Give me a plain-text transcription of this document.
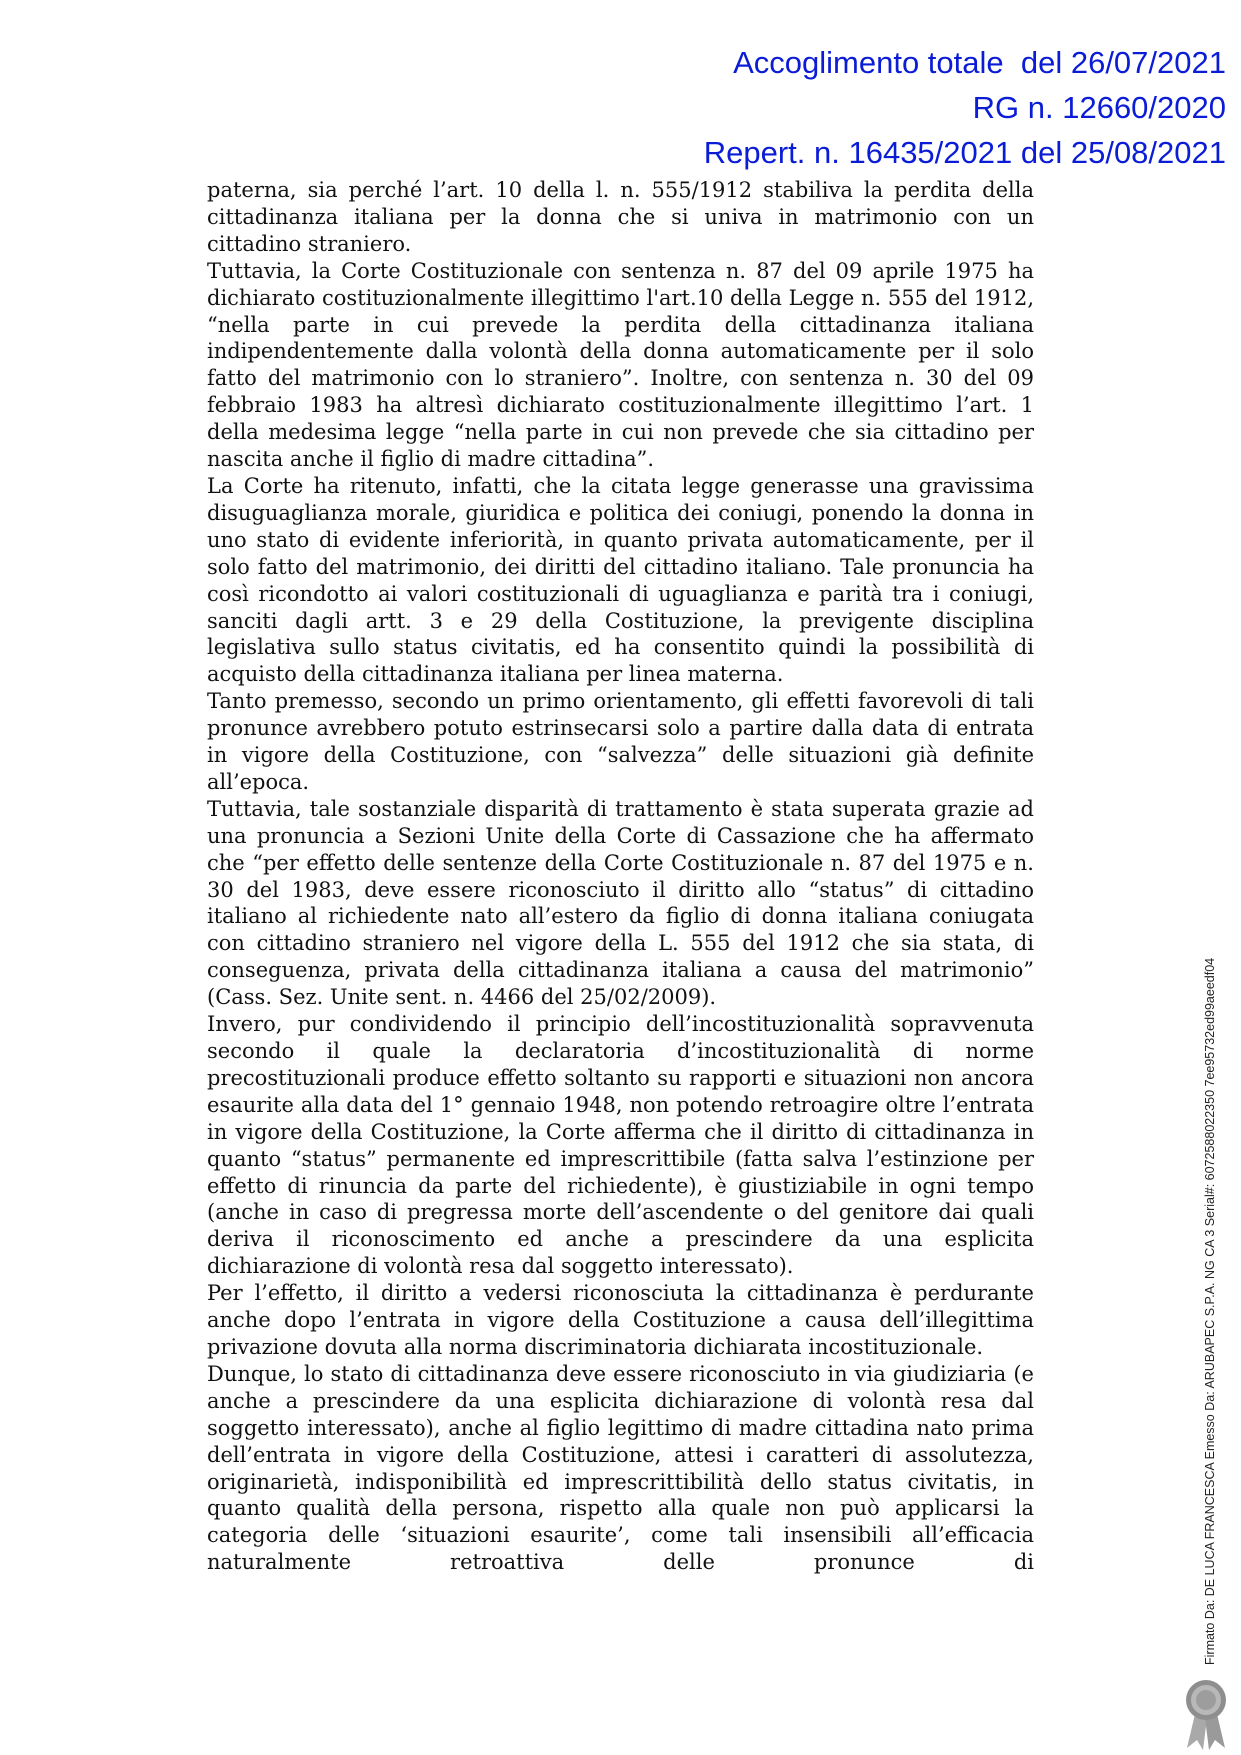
Accoglimento totale  del 26/07/2021
RG n. 12660/2020
Repert. n. 16435/2021 del 25/08/2021

paterna, sia perché l’art. 10 della l. n. 555/1912 stabiliva la perdita della cittadinanza italiana per la donna che si univa in matrimonio con un cittadino straniero.

Tuttavia, la Corte Costituzionale con sentenza n. 87 del 09 aprile 1975 ha dichiarato costituzionalmente illegittimo l'art.10 della Legge n. 555 del 1912, “nella parte in cui prevede la perdita della cittadinanza italiana indipendentemente dalla volontà della donna automaticamente per il solo fatto del matrimonio con lo straniero”. Inoltre, con sentenza n. 30 del 09 febbraio 1983 ha altresì dichiarato costituzionalmente illegittimo l’art. 1 della medesima legge “nella parte in cui non prevede che sia cittadino per nascita anche il figlio di madre cittadina”.

La Corte ha ritenuto, infatti, che la citata legge generasse una gravissima disuguaglianza morale, giuridica e politica dei coniugi, ponendo la donna in uno stato di evidente inferiorità, in quanto privata automaticamente, per il solo fatto del matrimonio, dei diritti del cittadino italiano. Tale pronuncia ha così ricondotto ai valori costituzionali di uguaglianza e parità tra i coniugi, sanciti dagli artt. 3 e 29 della Costituzione, la previgente disciplina legislativa sullo status civitatis, ed ha consentito quindi la possibilità di acquisto della cittadinanza italiana per linea materna.

Tanto premesso, secondo un primo orientamento, gli effetti favorevoli di tali pronunce avrebbero potuto estrinsecarsi solo a partire dalla data di entrata in vigore della Costituzione, con “salvezza” delle situazioni già definite all’epoca.

Tuttavia, tale sostanziale disparità di trattamento è stata superata grazie ad una pronuncia a Sezioni Unite della Corte di Cassazione che ha affermato che “per effetto delle sentenze della Corte Costituzionale n. 87 del 1975 e n. 30 del 1983, deve essere riconosciuto il diritto allo “status” di cittadino italiano al richiedente nato all’estero da figlio di donna italiana coniugata con cittadino straniero nel vigore della L. 555 del 1912 che sia stata, di conseguenza, privata della cittadinanza italiana a causa del matrimonio” (Cass. Sez. Unite sent. n. 4466 del 25/02/2009).

Invero, pur condividendo il principio dell’incostituzionalità sopravvenuta secondo il quale la declaratoria d’incostituzionalità di norme precostituzionali produce effetto soltanto su rapporti e situazioni non ancora esaurite alla data del 1° gennaio 1948, non potendo retroagire oltre l’entrata in vigore della Costituzione, la Corte afferma che il diritto di cittadinanza in quanto “status” permanente ed imprescrittibile (fatta salva l’estinzione per effetto di rinuncia da parte del richiedente), è giustiziabile in ogni tempo (anche in caso di pregressa morte dell’ascendente o del genitore dai quali deriva il riconoscimento ed anche a prescindere da una esplicita dichiarazione di volontà resa dal soggetto interessato).

Per l’effetto, il diritto a vedersi riconosciuta la cittadinanza è perdurante anche dopo l’entrata in vigore della Costituzione a causa dell’illegittima privazione dovuta alla norma discriminatoria dichiarata incostituzionale.

Dunque, lo stato di cittadinanza deve essere riconosciuto in via giudiziaria (e anche a prescindere da una esplicita dichiarazione di volontà resa dal soggetto interessato), anche al figlio legittimo di madre cittadina nato prima dell’entrata in vigore della Costituzione, attesi i caratteri di assolutezza, originarietà, indisponibilità ed imprescrittibilità dello status civitatis, in quanto qualità della persona, rispetto alla quale non può applicarsi la categoria delle ‘situazioni esaurite’, come tali insensibili all’efficacia naturalmente retroattiva delle pronunce di	Firmato Da: DE LUCA FRANCESCA Emesso Da: ARUBAPEC S.P.A. NG CA 3 Serial#: 6072588022350 7ee95732ed99aeedf04
